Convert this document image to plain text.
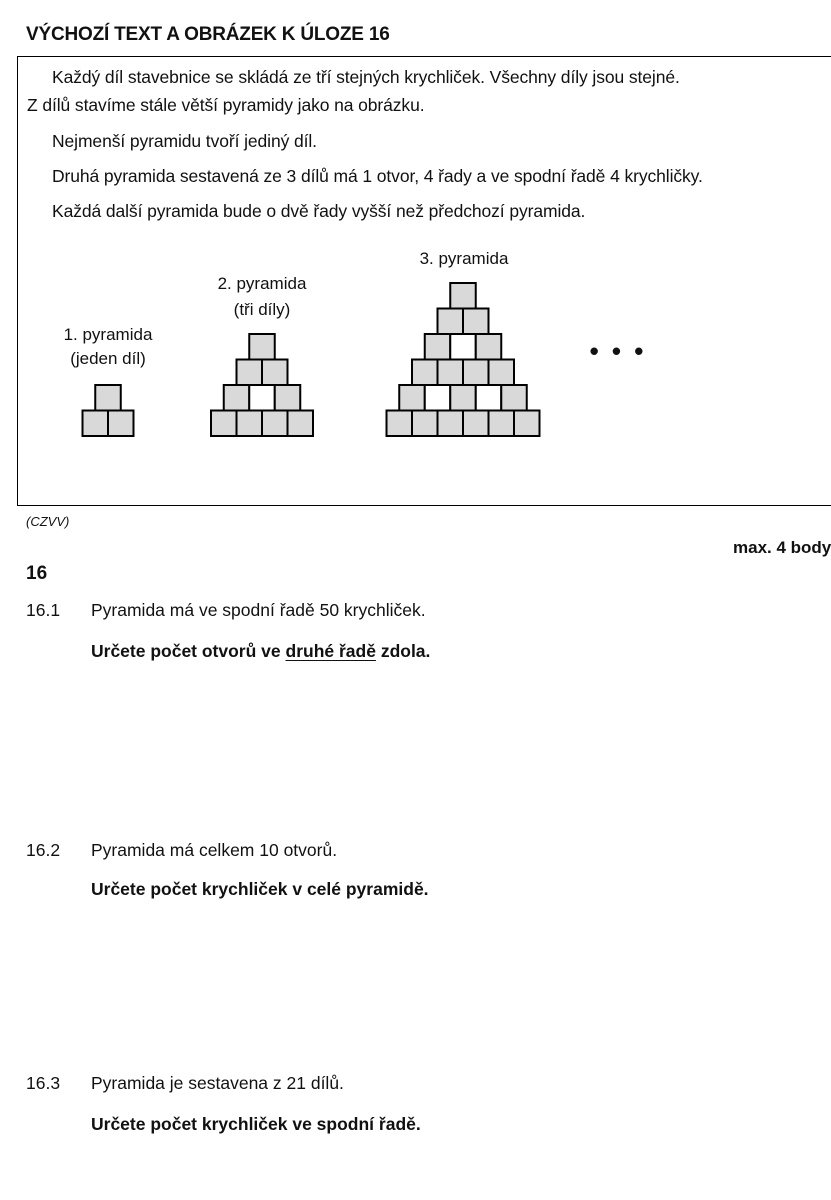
VÝCHOZÍ TEXT A OBRÁZEK K ÚLOZE 16
Každý díl stavebnice se skládá ze tří stejných krychliček. Všechny díly jsou stejné.
Z dílů stavíme stále větší pyramidy jako na obrázku.
Nejmenší pyramidu tvoří jediný díl.
Druhá pyramida sestavená ze 3 dílů má 1 otvor, 4 řady a ve spodní řadě 4 krychličky.
Každá další pyramida bude o dvě řady vyšší než předchozí pyramida.
1. pyramida
(jeden díl)
2. pyramida
(tři díly)
3. pyramida
• • •
(CZVV)
max. 4 body
16
16.1 Pyramida má ve spodní řadě 50 krychliček.
Určete počet otvorů ve druhé řadě zdola.
16.2 Pyramida má celkem 10 otvorů.
Určete počet krychliček v celé pyramidě.
16.3 Pyramida je sestavena z 21 dílů.
Určete počet krychliček ve spodní řadě.
